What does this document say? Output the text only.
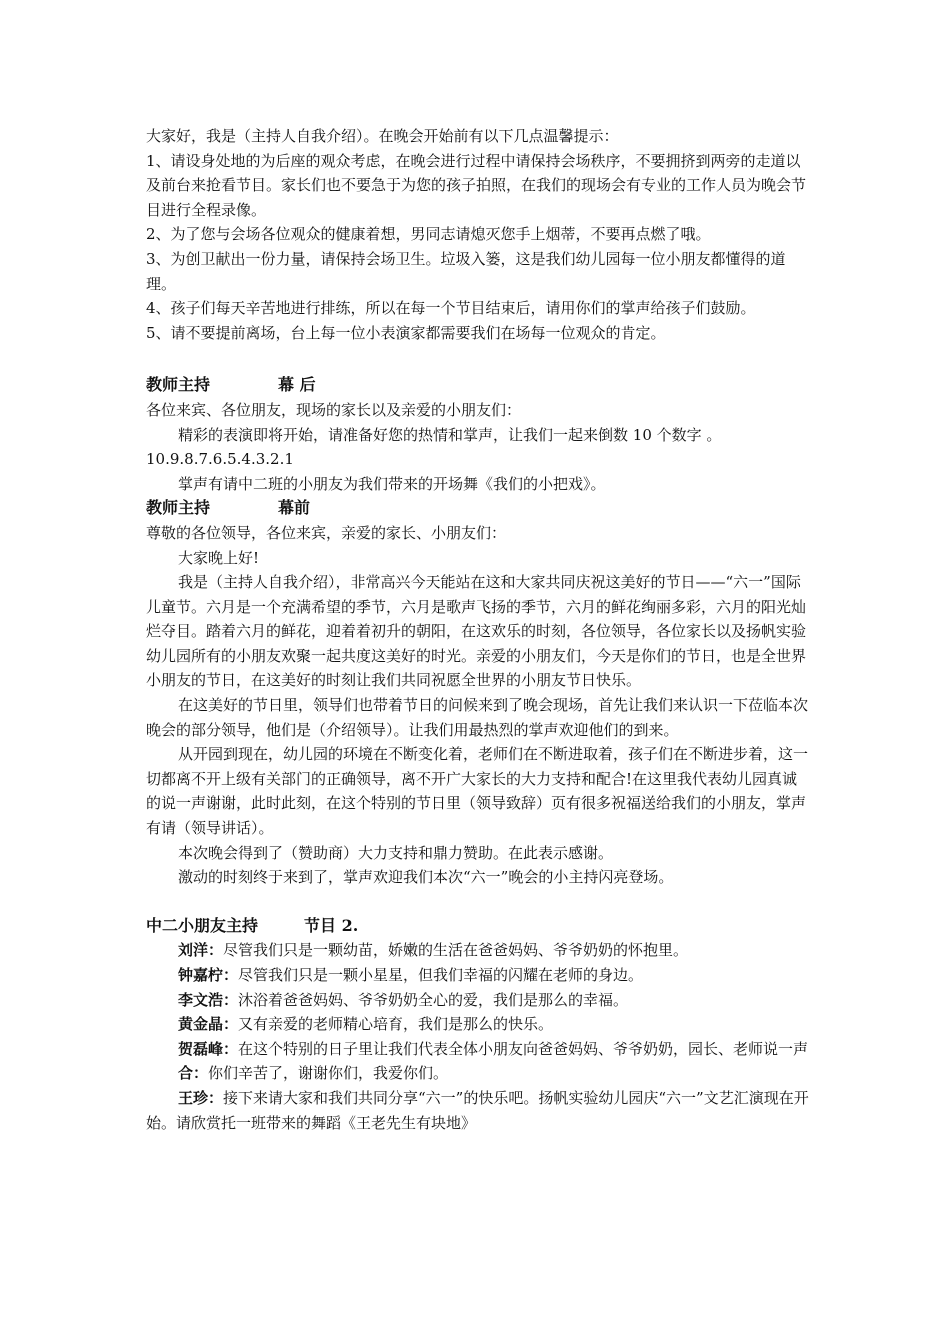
大家好，我是（主持人自我介绍）。在晚会开始前有以下几点温馨提示：

1、请设身处地的为后座的观众考虑，在晚会进行过程中请保持会场秩序，不要拥挤到两旁的走道以及前台来抢看节目。家长们也不要急于为您的孩子拍照，在我们的现场会有专业的工作人员为晚会节目进行全程录像。

2、为了您与会场各位观众的健康着想，男同志请熄灭您手上烟蒂，不要再点燃了哦。

3、为创卫献出一份力量，请保持会场卫生。垃圾入篓，这是我们幼儿园每一位小朋友都懂得的道理。

4、孩子们每天辛苦地进行排练，所以在每一个节目结束后，请用你们的掌声给孩子们鼓励。

5、请不要提前离场，台上每一位小表演家都需要我们在场每一位观众的肯定。

教师主持	幕 后

各位来宾、各位朋友，现场的家长以及亲爱的小朋友们：

精彩的表演即将开始，请准备好您的热情和掌声，让我们一起来倒数 10 个数字 。

10.9.8.7.6.5.4.3.2.1

掌声有请中二班的小朋友为我们带来的开场舞《我们的小把戏》。

教师主持	幕前

尊敬的各位领导，各位来宾，亲爱的家长、小朋友们：

大家晚上好!

我是（主持人自我介绍），非常高兴今天能站在这和大家共同庆祝这美好的节日——“六一”国际儿童节。六月是一个充满希望的季节，六月是歌声飞扬的季节，六月的鲜花绚丽多彩，六月的阳光灿烂夺目。踏着六月的鲜花，迎着着初升的朝阳，在这欢乐的时刻，各位领导，各位家长以及扬帆实验幼儿园所有的小朋友欢聚一起共度这美好的时光。亲爱的小朋友们，今天是你们的节日，也是全世界小朋友的节日，在这美好的时刻让我们共同祝愿全世界的小朋友节日快乐。

在这美好的节日里，领导们也带着节日的问候来到了晚会现场，首先让我们来认识一下莅临本次晚会的部分领导，他们是（介绍领导）。让我们用最热烈的掌声欢迎他们的到来。

从开园到现在，幼儿园的环境在不断变化着，老师们在不断进取着，孩子们在不断进步着，这一切都离不开上级有关部门的正确领导，离不开广大家长的大力支持和配合!在这里我代表幼儿园真诚的说一声谢谢，此时此刻，在这个特别的节日里（领导致辞）页有很多祝福送给我们的小朋友，掌声有请（领导讲话）。

本次晚会得到了（赞助商）大力支持和鼎力赞助。在此表示感谢。

激动的时刻终于来到了，掌声欢迎我们本次“六一”晚会的小主持闪亮登场。

中二小朋友主持	节目 2.

刘洋：尽管我们只是一颗幼苗，娇嫩的生活在爸爸妈妈、爷爷奶奶的怀抱里。

钟嘉柠：尽管我们只是一颗小星星，但我们幸福的闪耀在老师的身边。

李文浩：沐浴着爸爸妈妈、爷爷奶奶全心的爱，我们是那么的幸福。

黄金晶：又有亲爱的老师精心培育，我们是那么的快乐。

贺磊峰：在这个特别的日子里让我们代表全体小朋友向爸爸妈妈、爷爷奶奶，园长、老师说一声

合：你们辛苦了，谢谢你们，我爱你们。

王珍：接下来请大家和我们共同分享“六一”的快乐吧。扬帆实验幼儿园庆“六一”文艺汇演现在开始。请欣赏托一班带来的舞蹈《王老先生有块地》
